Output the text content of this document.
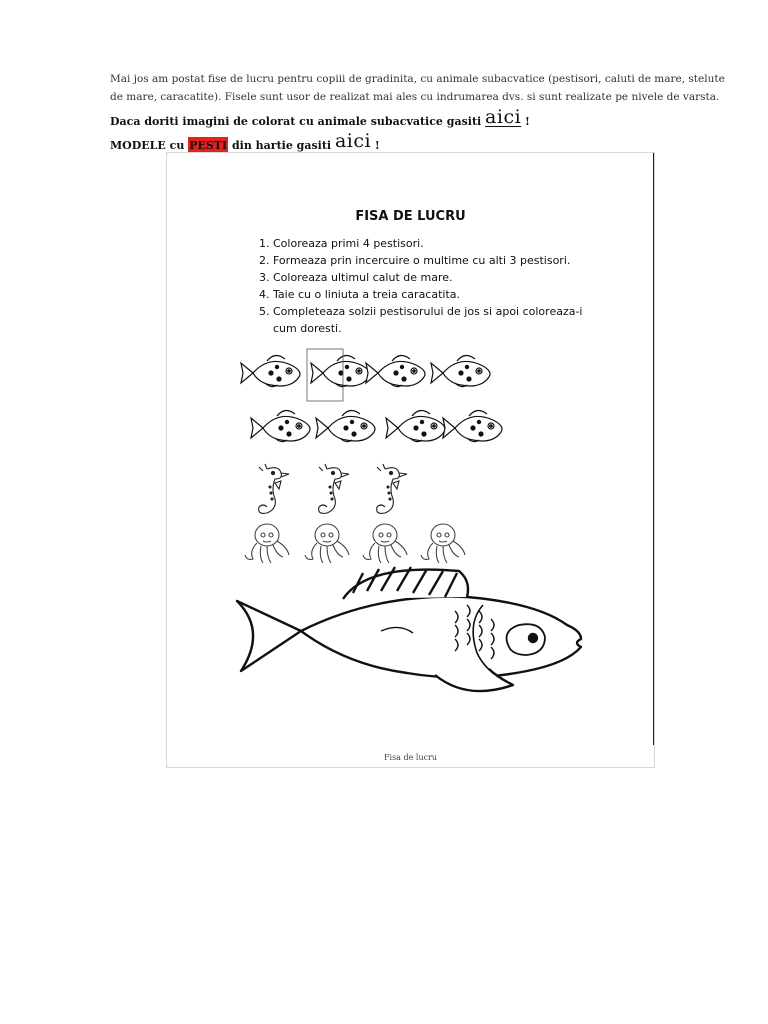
Mai jos am postat fise de lucru pentru copiii de gradinita, cu animale subacvatice (pestisori, caluti de mare, stelute de mare, caracatite). Fisele sunt usor de realizat mai ales cu indrumarea dvs. si sunt realizate pe nivele de varsta.
Daca doriti imagini de colorat cu animale subacvatice gasiti aici !
MODELE cu PESTI din hartie gasiti aici !
FISA DE LUCRU
1. Coloreaza primi 4 pestisori.
2. Formeaza prin incercuire o multime cu alti 3 pestisori.
3. Coloreaza ultimul calut de mare.
4. Taie cu o liniuta a treia caracatita.
5. Completeaza solzii pestisorului de jos si apoi coloreaza-i cum doresti.
Fisa de lucru
